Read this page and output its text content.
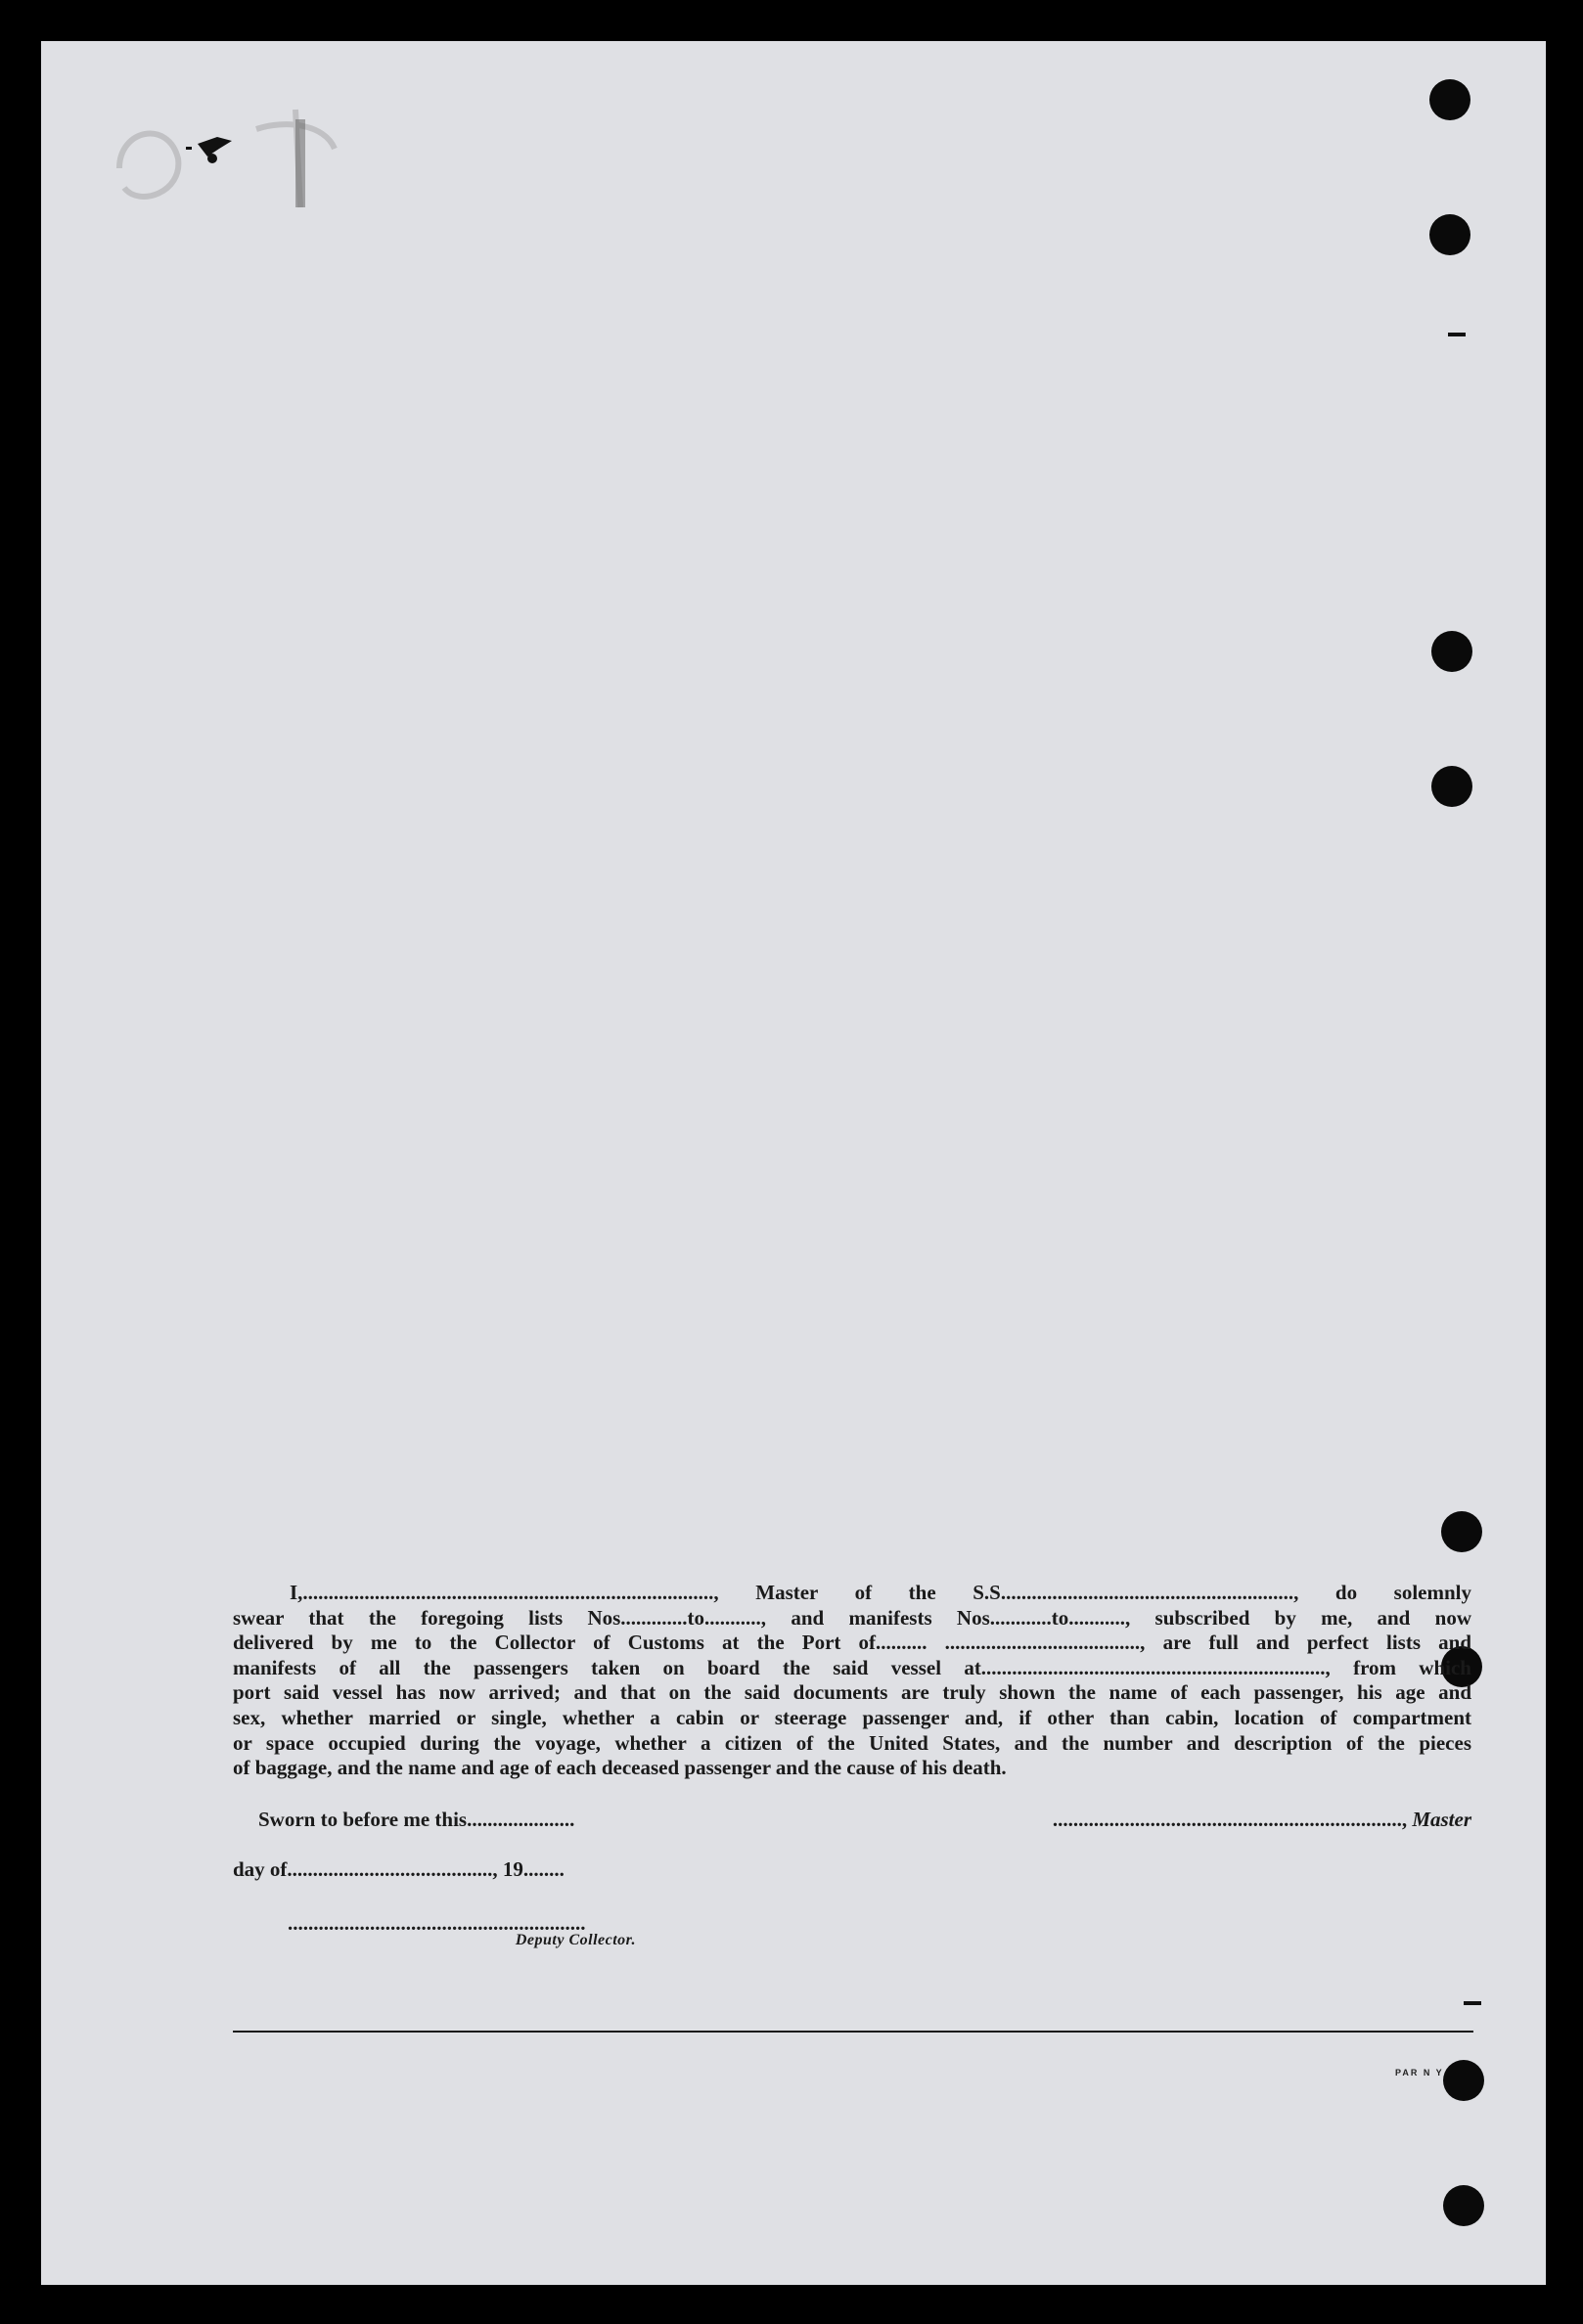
I,................................................................................, Master of the S.S........................................................., do solemnly
swear that the foregoing lists Nos.............to..........., and manifests Nos............to..........., subscribed by me, and now
delivered by me to the Collector of Customs at the Port of.......... ......................................, are full and perfect lists and
manifests of all the passengers taken on board the said vessel at..................................................................., from which
port said vessel has now arrived; and that on the said documents are truly shown the name of each passenger, his age and
sex, whether married or single, whether a cabin or steerage passenger and, if other than cabin, location of compartment
or space occupied during the voyage, whether a citizen of the United States, and the number and description of the pieces
of baggage, and the name and age of each deceased passenger and the cause of his death.
Sworn to before me this.....................	...................................................................., Master
day of........................................, 19........
..........................................................
Deputy Collector.
PAR N Y
